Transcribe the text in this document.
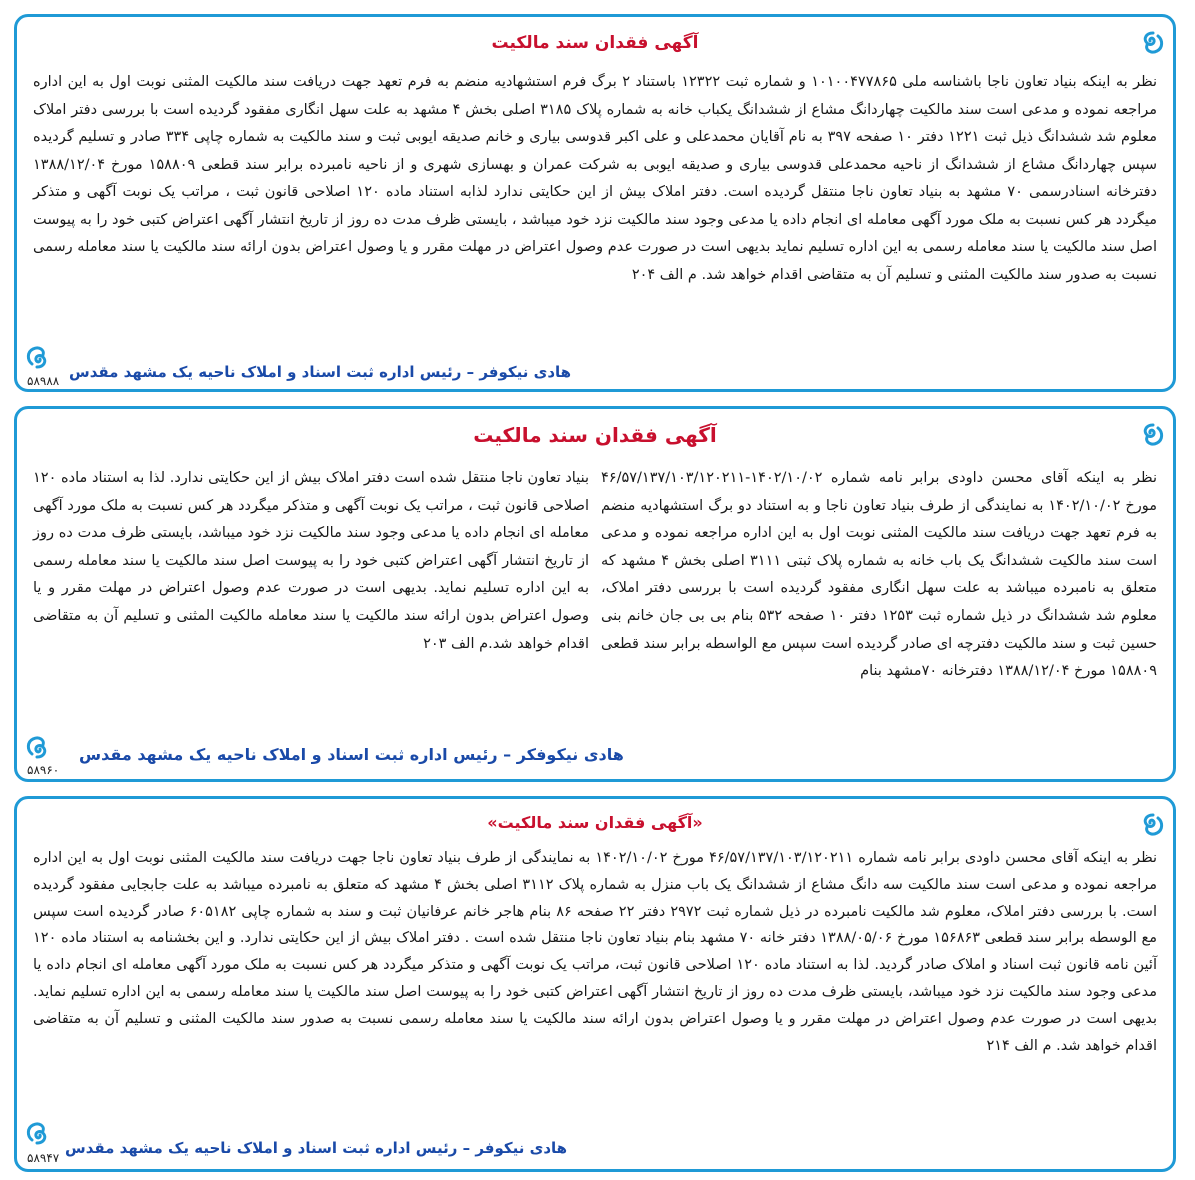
آگهی فقدان سند مالکیت
نظر به اینکه بنیاد تعاون ناجا باشناسه ملی ۱۰۱۰۰۴۷۷۸۶۵ و شماره ثبت ۱۲۳۲۲ باستناد ۲ برگ فرم استشهادیه منضم به فرم تعهد جهت دریافت سند مالکیت المثنی نوبت اول به این اداره مراجعه نموده و مدعی است سند مالکیت چهاردانگ مشاع از ششدانگ یکباب خانه به شماره پلاک ۳۱۸۵ اصلی بخش ۴ مشهد به علت سهل انگاری مفقود گردیده است با بررسی دفتر املاک معلوم شد ششدانگ ذیل ثبت ۱۲۲۱ دفتر ۱۰ صفحه ۳۹۷ به نام آقایان محمدعلی و علی اکبر قدوسی بیاری و خانم صدیقه ایوبی ثبت و سند مالکیت به شماره چاپی ۳۳۴ صادر و تسلیم گردیده سپس چهاردانگ مشاع از ششدانگ از ناحیه محمدعلی قدوسی بیاری و صدیقه ایوبی به شرکت عمران و بهسازی شهری و از ناحیه نامبرده برابر سند قطعی ۱۵۸۸۰۹ مورخ ۱۳۸۸/۱۲/۰۴ دفترخانه اسنادرسمی ۷۰ مشهد به بنیاد تعاون ناجا منتقل گردیده است. دفتر املاک بیش از این حکایتی ندارد لذابه استناد ماده ۱۲۰ اصلاحی قانون ثبت ، مراتب یک نوبت آگهی و متذکر میگردد هر کس نسبت به ملک مورد آگهی معامله ای انجام داده یا مدعی وجود سند مالکیت نزد خود میباشد ، بایستی ظرف مدت ده روز از تاریخ انتشار آگهی اعتراض کتبی خود را به پیوست اصل سند مالکیت یا سند معامله رسمی به این اداره تسلیم نماید بدیهی است در صورت عدم وصول اعتراض در مهلت مقرر و یا وصول اعتراض بدون ارائه سند مالکیت یا سند معامله رسمی نسبت به صدور سند مالکیت المثنی و تسلیم آن به متقاضی اقدام خواهد شد. م الف ۲۰۴
هادی نیکوفر – رئیس اداره ثبت اسناد و املاک ناحیه یک مشهد مقدس
۵۸۹۸۸
آگهی فقدان سند مالکیت
نظر به اینکه آقای محسن داودی برابر نامه شماره ۱۴۰۲/۱۰/۰۲-۴۶/۵۷/۱۳۷/۱۰۳/۱۲۰۲۱۱ مورخ ۱۴۰۲/۱۰/۰۲ به نمایندگی از طرف بنیاد تعاون ناجا و به استناد دو برگ استشهادیه منضم به فرم تعهد جهت دریافت سند مالکیت المثنی نوبت اول به این اداره مراجعه نموده و مدعی است سند مالکیت ششدانگ یک باب خانه به شماره پلاک ثبتی ۳۱۱۱ اصلی بخش ۴ مشهد که متعلق به نامبرده میباشد به علت سهل انگاری مفقود گردیده است با بررسی دفتر املاک، معلوم شد ششدانگ در ذیل شماره ثبت ۱۲۵۳ دفتر ۱۰ صفحه ۵۳۲ بنام بی بی جان خانم بنی حسین ثبت و سند مالکیت دفترچه ای صادر گردیده است سپس مع الواسطه برابر سند قطعی ۱۵۸۸۰۹ مورخ ۱۳۸۸/۱۲/۰۴ دفترخانه ۷۰مشهد بنام
بنیاد تعاون ناجا منتقل شده است دفتر املاک بیش از این حکایتی ندارد. لذا به استناد ماده ۱۲۰ اصلاحی قانون ثبت ، مراتب یک نوبت آگهی و متذکر میگردد هر کس نسبت به ملک مورد آگهی معامله ای انجام داده یا مدعی وجود سند مالکیت نزد خود میباشد، بایستی ظرف مدت ده روز از تاریخ انتشار آگهی اعتراض کتبی خود را به پیوست اصل سند مالکیت یا سند معامله رسمی به این اداره تسلیم نماید. بدیهی است در صورت عدم وصول اعتراض در مهلت مقرر و یا وصول اعتراض بدون ارائه سند مالکیت یا سند معامله مالکیت المثنی و تسلیم آن به متقاضی اقدام خواهد شد.م الف ۲۰۳
هادی نیکوفکر – رئیس اداره ثبت اسناد و املاک ناحیه یک مشهد مقدس
۵۸۹۶۰
«آگهی فقدان سند مالکیت»
نظر به اینکه آقای محسن داودی برابر نامه شماره ۴۶/۵۷/۱۳۷/۱۰۳/۱۲۰۲۱۱ مورخ ۱۴۰۲/۱۰/۰۲ به نمایندگی از طرف بنیاد تعاون ناجا جهت دریافت سند مالکیت المثنی نوبت اول به این اداره مراجعه نموده و مدعی است سند مالکیت سه دانگ مشاع از ششدانگ یک باب منزل به شماره پلاک ۳۱۱۲ اصلی بخش ۴ مشهد که متعلق به نامبرده میباشد به علت جابجایی مفقود گردیده است. با بررسی دفتر املاک، معلوم شد مالکیت نامبرده در ذیل شماره ثبت ۲۹۷۲ دفتر ۲۲ صفحه ۸۶ بنام هاجر خانم عرفانیان ثبت و سند به شماره چاپی ۶۰۵۱۸۲ صادر گردیده است سپس مع الوسطه برابر سند قطعی ۱۵۶۸۶۳ مورخ ۱۳۸۸/۰۵/۰۶ دفتر خانه ۷۰ مشهد بنام بنیاد تعاون ناجا منتقل شده است . دفتر املاک بیش از این حکایتی ندارد. و این بخشنامه به استناد ماده ۱۲۰ آئین نامه قانون ثبت اسناد و املاک صادر گردید. لذا به استناد ماده ۱۲۰ اصلاحی قانون ثبت، مراتب یک نوبت آگهی و متذکر میگردد هر کس نسبت به ملک مورد آگهی معامله ای انجام داده یا مدعی وجود سند مالکیت نزد خود میباشد، بایستی ظرف مدت ده روز از تاریخ انتشار آگهی اعتراض کتبی خود را به پیوست اصل سند مالکیت یا سند معامله رسمی به این اداره تسلیم نماید. بدیهی است در صورت عدم وصول اعتراض در مهلت مقرر و یا وصول اعتراض بدون ارائه سند مالکیت یا سند معامله رسمی نسبت به صدور سند مالکیت المثنی و تسلیم آن به متقاضی اقدام خواهد شد. م الف ۲۱۴
هادی نیکوفر – رئیس اداره ثبت اسناد و املاک ناحیه یک مشهد مقدس
۵۸۹۴۷
